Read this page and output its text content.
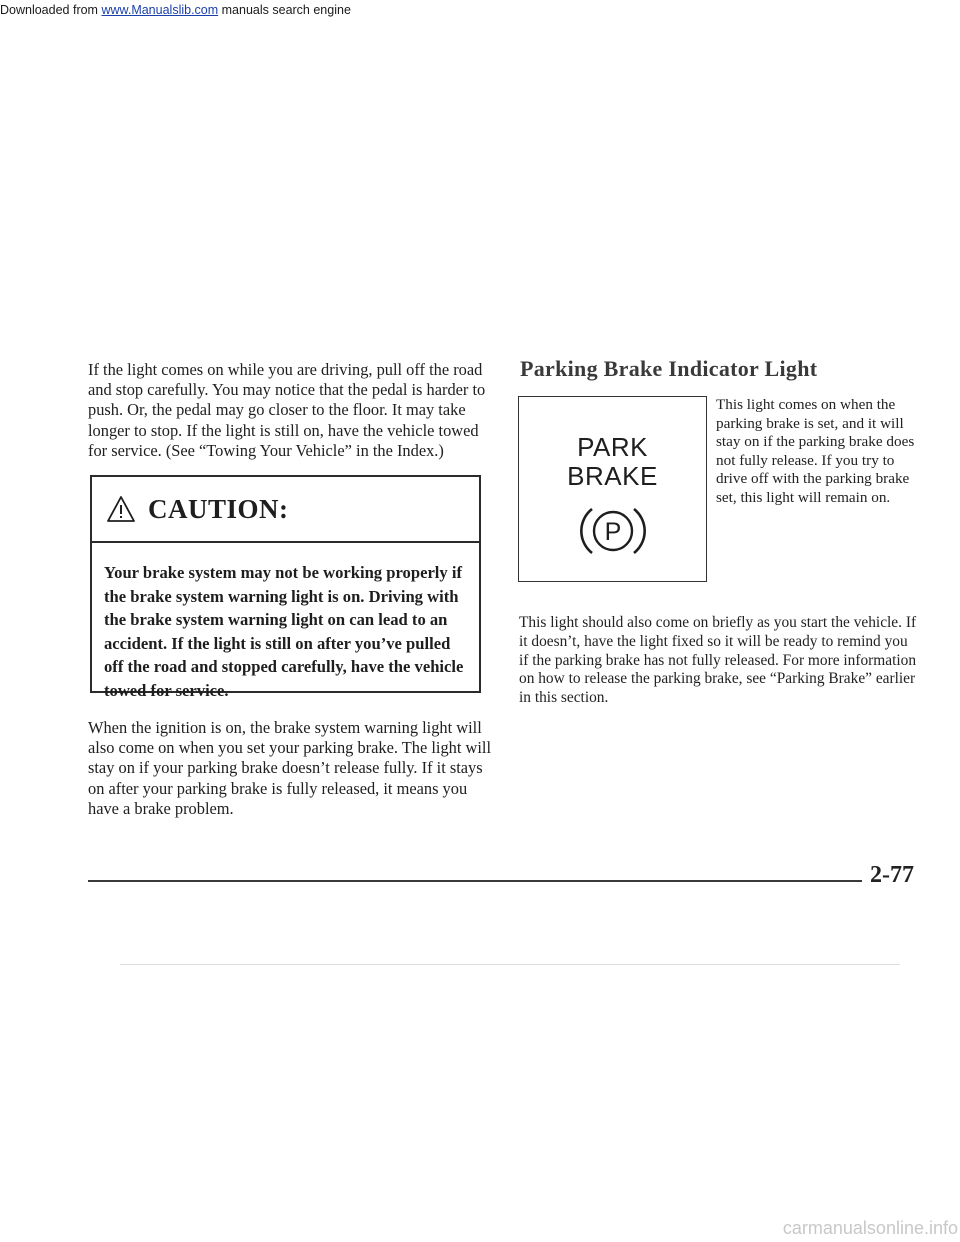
Downloaded from www.Manualslib.com manuals search engine

If the light comes on while you are driving, pull off the road and stop carefully. You may notice that the pedal is harder to push. Or, the pedal may go closer to the floor. It may take longer to stop. If the light is still on, have the vehicle towed for service. (See “Towing Your Vehicle” in the Index.)

CAUTION:
Your brake system may not be working properly if the brake system warning light is on. Driving with the brake system warning light on can lead to an accident. If the light is still on after you’ve pulled off the road and stopped carefully, have the vehicle towed for service.

When the ignition is on, the brake system warning light will also come on when you set your parking brake. The light will stay on if your parking brake doesn’t release fully. If it stays on after your parking brake is fully released, it means you have a brake problem.

Parking Brake Indicator Light
PARK
BRAKE
P

This light comes on when the parking brake is set, and it will stay on if the parking brake does not fully release. If you try to drive off with the parking brake set, this light will remain on.

This light should also come on briefly as you start the vehicle. If it doesn’t, have the light fixed so it will be ready to remind you if the parking brake has not fully released. For more information on how to release the parking brake, see “Parking Brake” earlier in this section.

2-77
carmanualsonline.info
